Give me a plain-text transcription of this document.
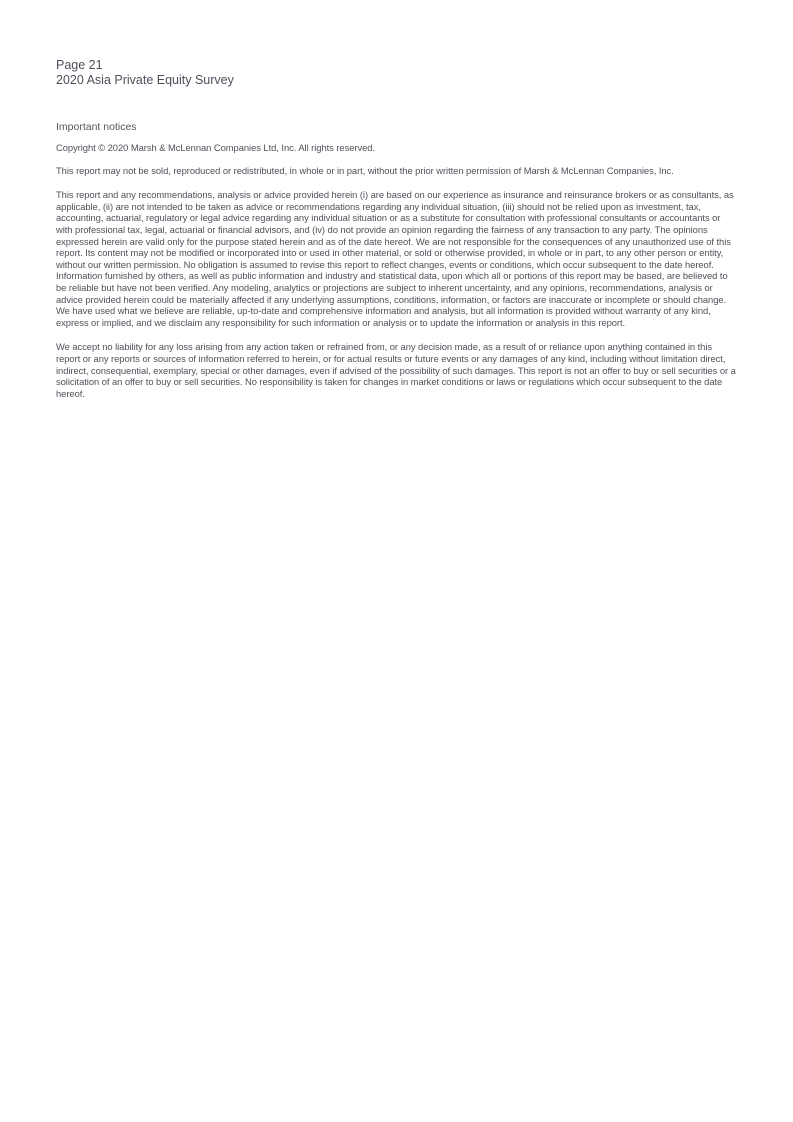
Page 21
2020 Asia Private Equity Survey
Important notices

Copyright © 2020 Marsh & McLennan Companies Ltd, Inc. All rights reserved.

This report may not be sold, reproduced or redistributed, in whole or in part, without the prior written permission of Marsh & McLennan Companies, Inc.

This report and any recommendations, analysis or advice provided herein (i) are based on our experience as insurance and reinsurance brokers or as consultants, as applicable, (ii) are not intended to be taken as advice or recommendations regarding any individual situation, (iii) should not be relied upon as investment, tax, accounting, actuarial, regulatory or legal advice regarding any individual situation or as a substitute for consultation with professional consultants or accountants or with professional tax, legal, actuarial or financial advisors, and (iv) do not provide an opinion regarding the fairness of any transaction to any party. The opinions expressed herein are valid only for the purpose stated herein and as of the date hereof. We are not responsible for the consequences of any unauthorized use of this report. Its content may not be modified or incorporated into or used in other material, or sold or otherwise provided, in whole or in part, to any other person or entity, without our written permission. No obligation is assumed to revise this report to reflect changes, events or conditions, which occur subsequent to the date hereof. Information furnished by others, as well as public information and industry and statistical data, upon which all or portions of this report may be based, are believed to be reliable but have not been verified. Any modeling, analytics or projections are subject to inherent uncertainty, and any opinions, recommendations, analysis or advice provided herein could be materially affected if any underlying assumptions, conditions, information, or factors are inaccurate or incomplete or should change. We have used what we believe are reliable, up-to-date and comprehensive information and analysis, but all information is provided without warranty of any kind, express or implied, and we disclaim any responsibility for such information or analysis or to update the information or analysis in this report.

We accept no liability for any loss arising from any action taken or refrained from, or any decision made, as a result of or reliance upon anything contained in this report or any reports or sources of information referred to herein, or for actual results or future events or any damages of any kind, including without limitation direct, indirect, consequential, exemplary, special or other damages, even if advised of the possibility of such damages. This report is not an offer to buy or sell securities or a solicitation of an offer to buy or sell securities. No responsibility is taken for changes in market conditions or laws or regulations which occur subsequent to the date hereof.
